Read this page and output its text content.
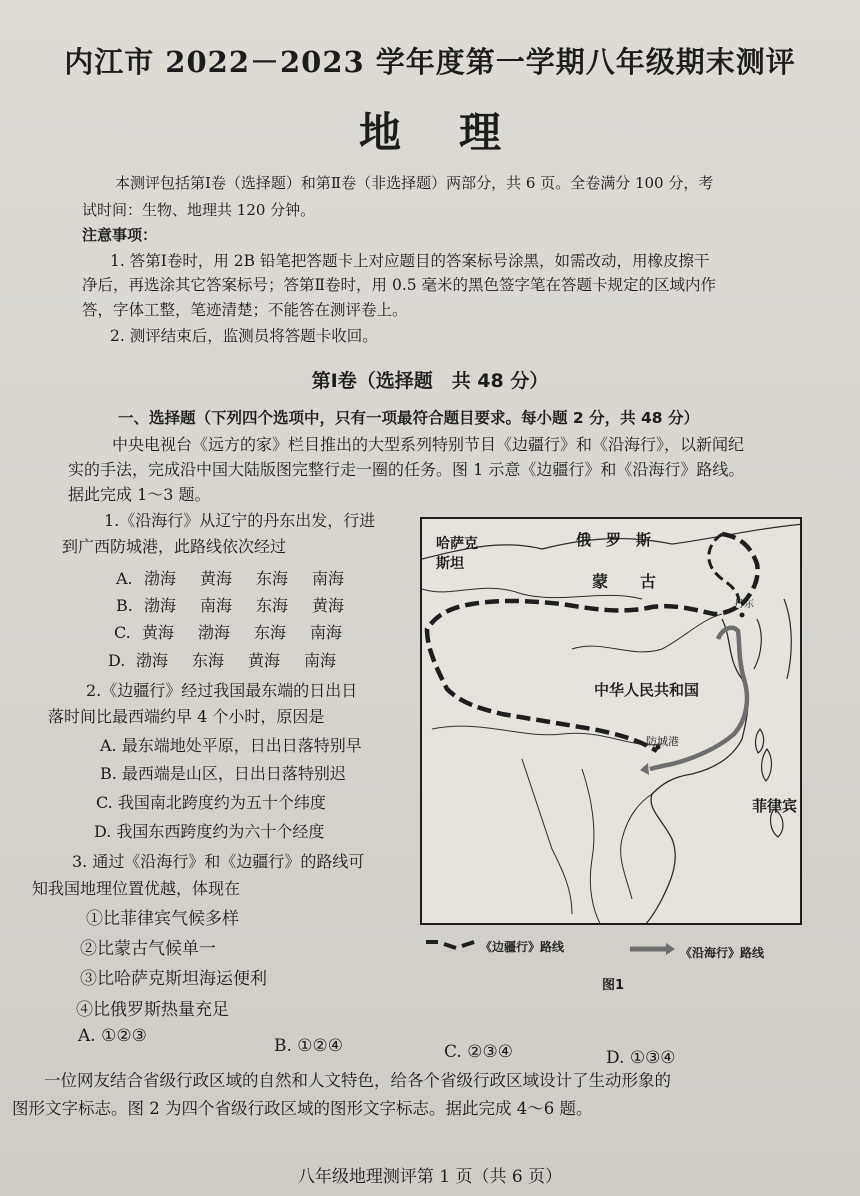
内江市 2022－2023 学年度第一学期八年级期末测评
地理
本测评包括第Ⅰ卷（选择题）和第Ⅱ卷（非选择题）两部分，共 6 页。全卷满分 100 分，考
试时间：生物、地理共 120 分钟。
注意事项：
1. 答第Ⅰ卷时，用 2B 铅笔把答题卡上对应题目的答案标号涂黑，如需改动，用橡皮擦干
净后，再选涂其它答案标号；答第Ⅱ卷时，用 0.5 毫米的黑色签字笔在答题卡规定的区域内作
答，字体工整，笔迹清楚；不能答在测评卷上。
2. 测评结束后，监测员将答题卡收回。
第Ⅰ卷（选择题　共 48 分）
一、选择题（下列四个选项中，只有一项最符合题目要求。每小题 2 分，共 48 分）
中央电视台《远方的家》栏目推出的大型系列特别节目《边疆行》和《沿海行》，以新闻纪
实的手法，完成沿中国大陆版图完整行走一圈的任务。图 1 示意《边疆行》和《沿海行》路线。
据此完成 1～3 题。
1.《沿海行》从辽宁的丹东出发，行进
到广西防城港，此路线依次经过
A. 渤海 黄海 东海 南海
B. 渤海 南海 东海 黄海
C. 黄海 渤海 东海 南海
D. 渤海 东海 黄海 南海
2.《边疆行》经过我国最东端的日出日
落时间比最西端约早 4 个小时，原因是
A. 最东端地处平原，日出日落特别早
B. 最西端是山区，日出日落特别迟
C. 我国南北跨度约为五十个纬度
D. 我国东西跨度约为六十个经度
3. 通过《沿海行》和《边疆行》的路线可
知我国地理位置优越，体现在
①比菲律宾气候多样
②比蒙古气候单一
③比哈萨克斯坦海运便利
④比俄罗斯热量充足
A. ①②③	B. ①②④	C. ②③④	D. ①③④
哈萨克
斯坦
俄　罗　斯
蒙　　古
丹东
中华人民共和国
防城港
菲律宾
《边疆行》路线	《沿海行》路线
图1
一位网友结合省级行政区域的自然和人文特色，给各个省级行政区域设计了生动形象的
图形文字标志。图 2 为四个省级行政区域的图形文字标志。据此完成 4～6 题。
八年级地理测评第 1 页（共 6 页）
